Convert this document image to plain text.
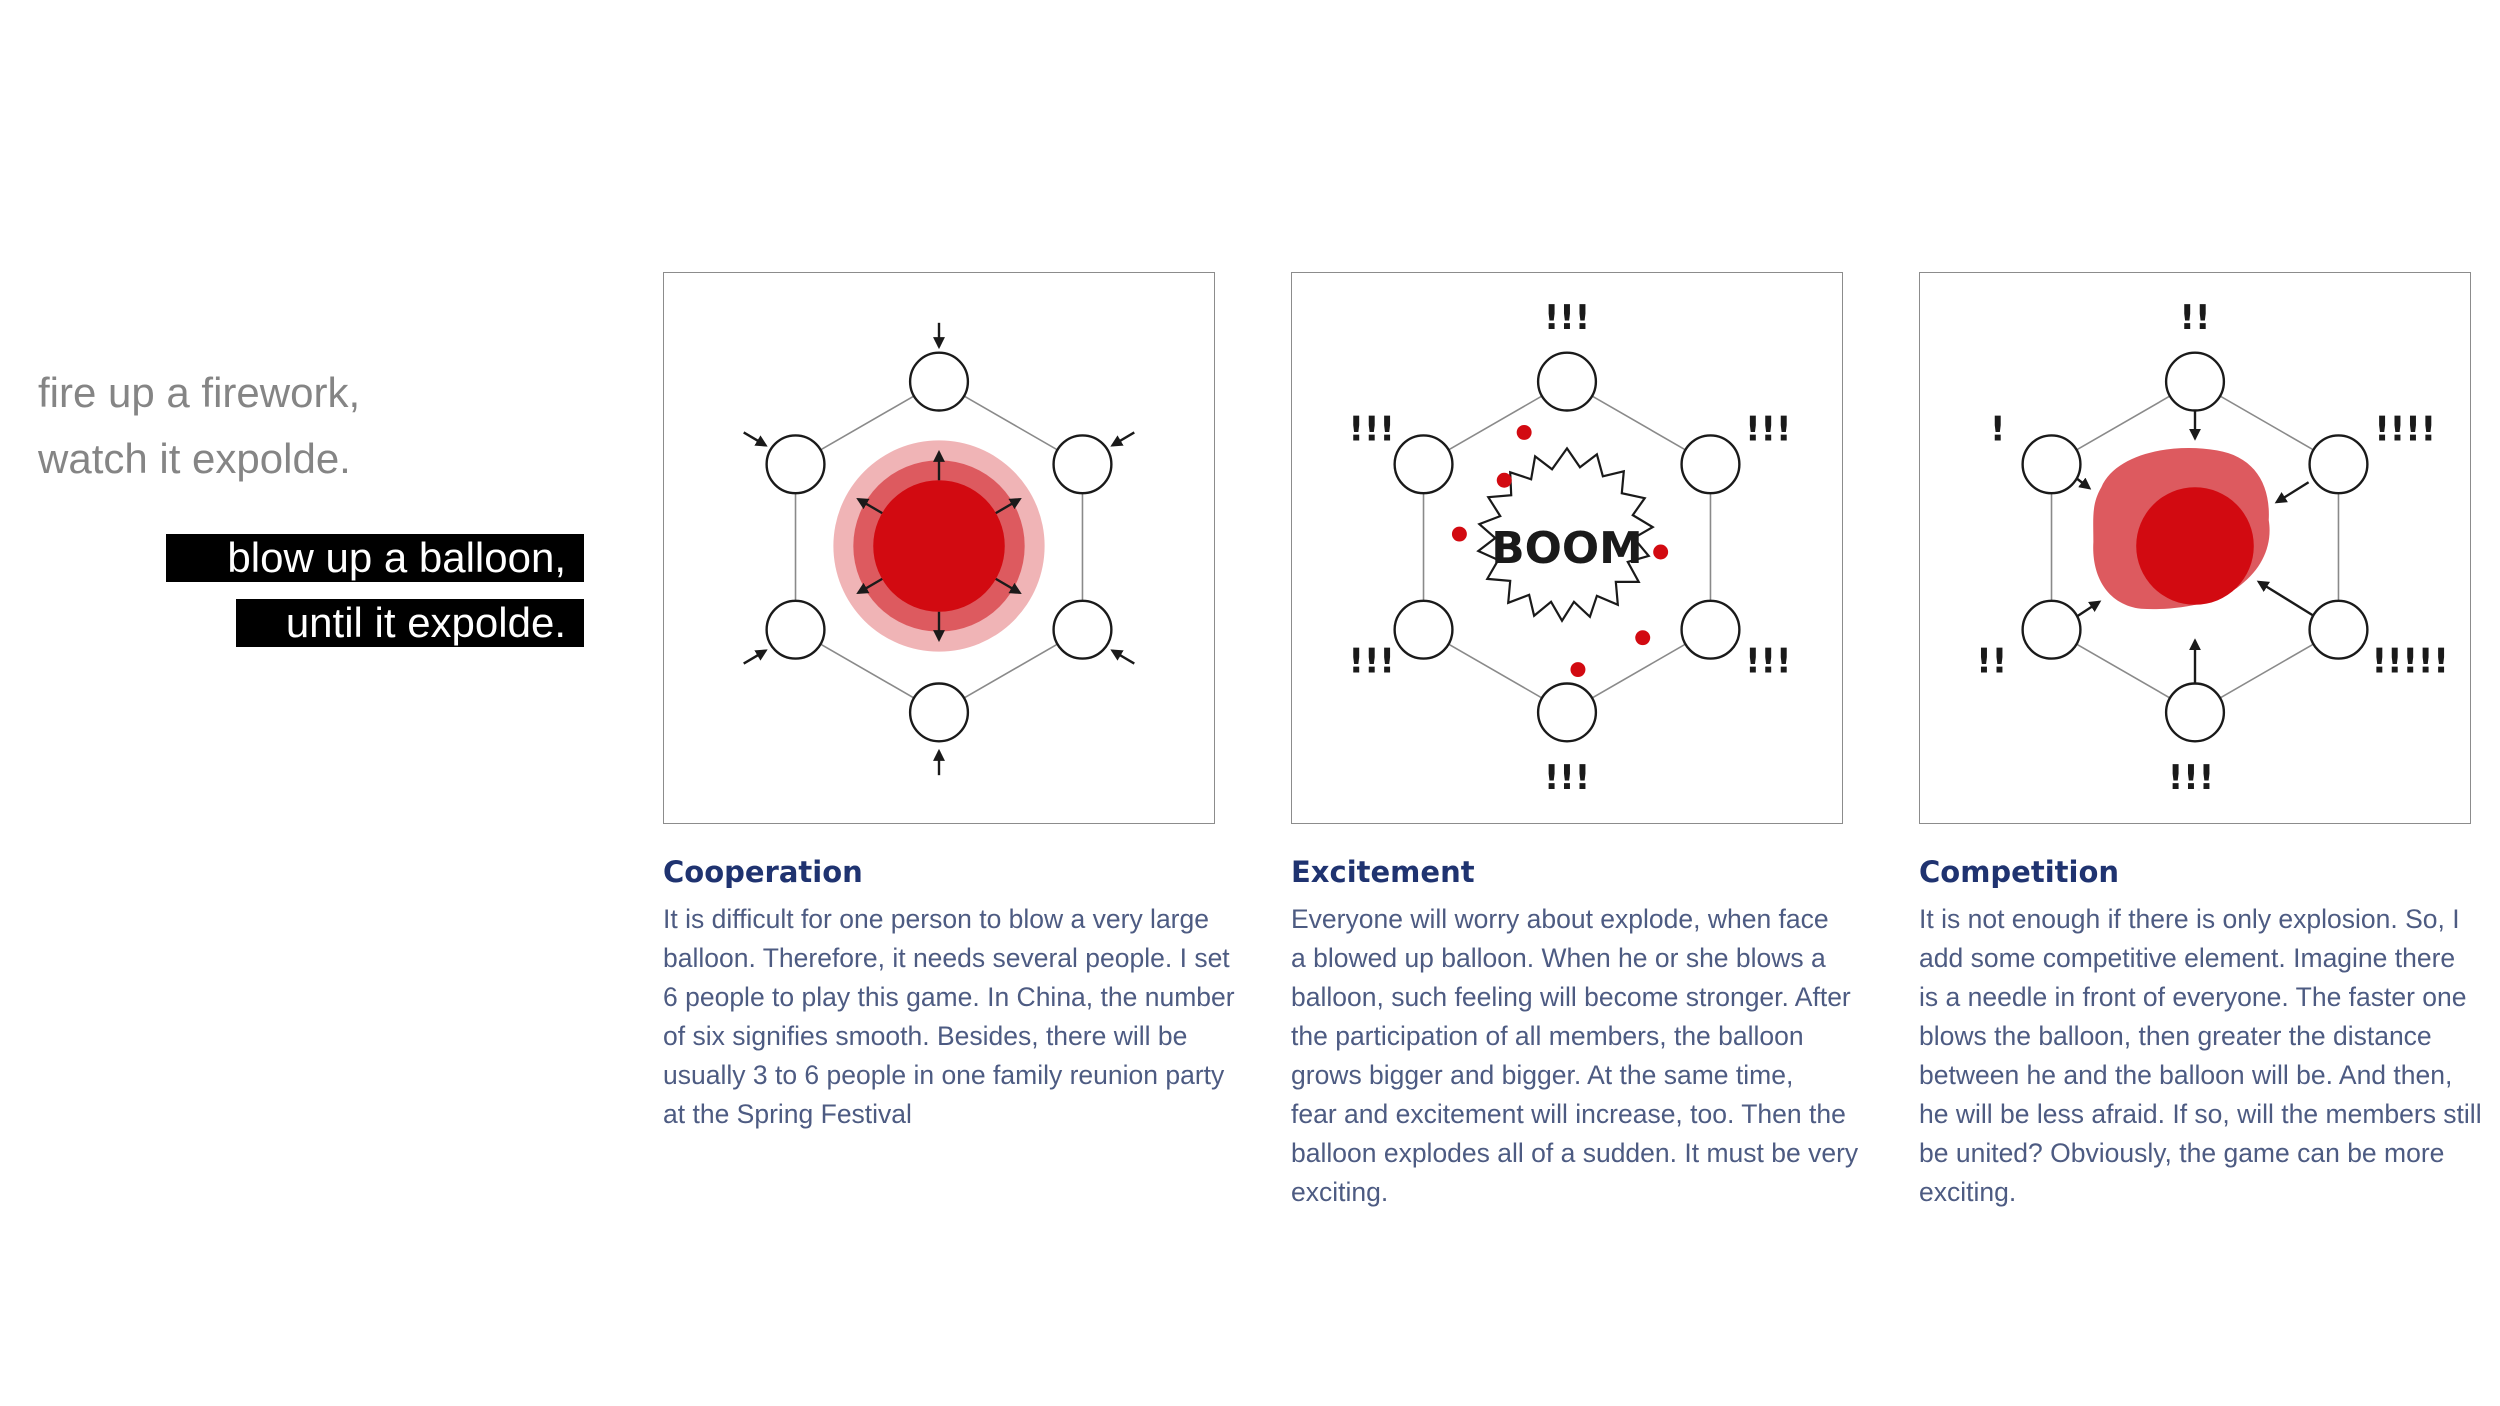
fire up a firework,
watch it expolde.
blow up a balloon,
until it expolde.
BOOM
!!!
!!!
!!!
!!!
!!!
!!!
!!
!!!!
!!!!!
!!!
!!
!
Cooperation

It is difficult for one person to blow a very large
balloon. Therefore, it needs several people. I set
6 people to play this game. In China, the number
of six signifies smooth. Besides, there will be
usually 3 to 6 people in one family reunion party
at the Spring Festival

Excitement

Everyone will worry about explode, when face
a blowed up balloon. When he or she blows a
balloon, such feeling will become stronger. After
the participation of all members, the balloon
grows bigger and bigger. At the same time,
fear and excitement will increase, too. Then the
balloon explodes all of a sudden. It must be very
exciting.

Competition

It is not enough if there is only explosion. So, I
add some competitive element. Imagine there
is a needle in front of everyone. The faster one
blows the balloon, then greater the distance
between he and the balloon will be. And then,
he will be less afraid. If so, will the members still
be united? Obviously, the game can be more
exciting.
